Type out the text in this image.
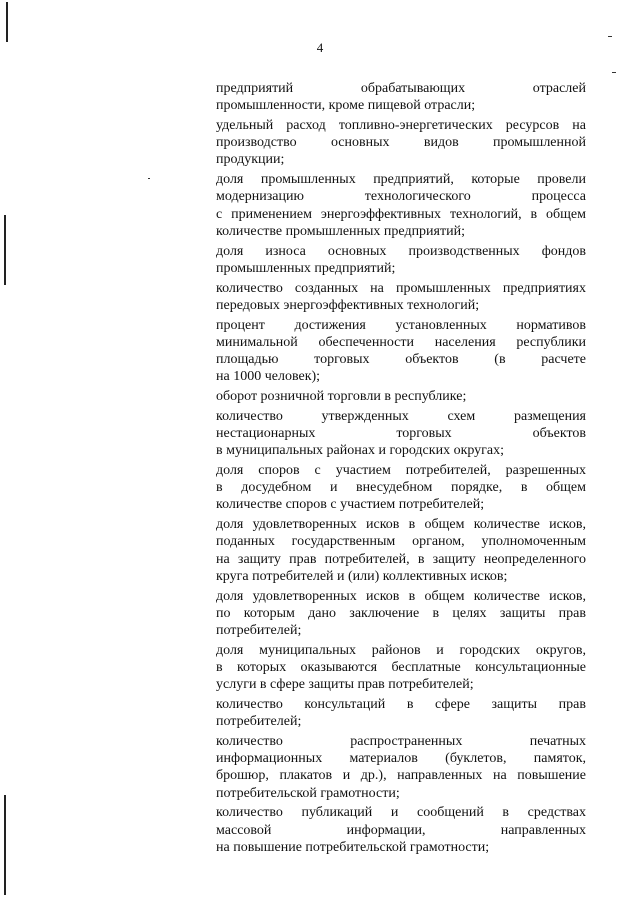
4
предприятий обрабатывающих отраслей
промышленности, кроме пищевой отрасли;
удельный расход топливно-энергетических ресурсов на
производство основных видов промышленной
продукции;
доля промышленных предприятий, которые провели
модернизацию технологического процесса
с применением энергоэффективных технологий, в общем
количестве промышленных предприятий;
доля износа основных производственных фондов
промышленных предприятий;
количество созданных на промышленных предприятиях
передовых энергоэффективных технологий;
процент достижения установленных нормативов
минимальной обеспеченности населения республики
площадью торговых объектов (в расчете
на 1000 человек);
оборот розничной торговли в республике;
количество утвержденных схем размещения
нестационарных торговых объектов
в муниципальных районах и городских округах;
доля споров с участием потребителей, разрешенных
в досудебном и внесудебном порядке, в общем
количестве споров с участием потребителей;
доля удовлетворенных исков в общем количестве исков,
поданных государственным органом, уполномоченным
на защиту прав потребителей, в защиту неопределенного
круга потребителей и (или) коллективных исков;
доля удовлетворенных исков в общем количестве исков,
по которым дано заключение в целях защиты прав
потребителей;
доля муниципальных районов и городских округов,
в которых оказываются бесплатные консультационные
услуги в сфере защиты прав потребителей;
количество консультаций в сфере защиты прав
потребителей;
количество распространенных печатных
информационных материалов (буклетов, памяток,
брошюр, плакатов и др.), направленных на повышение
потребительской грамотности;
количество публикаций и сообщений в средствах
массовой информации, направленных
на повышение потребительской грамотности;
